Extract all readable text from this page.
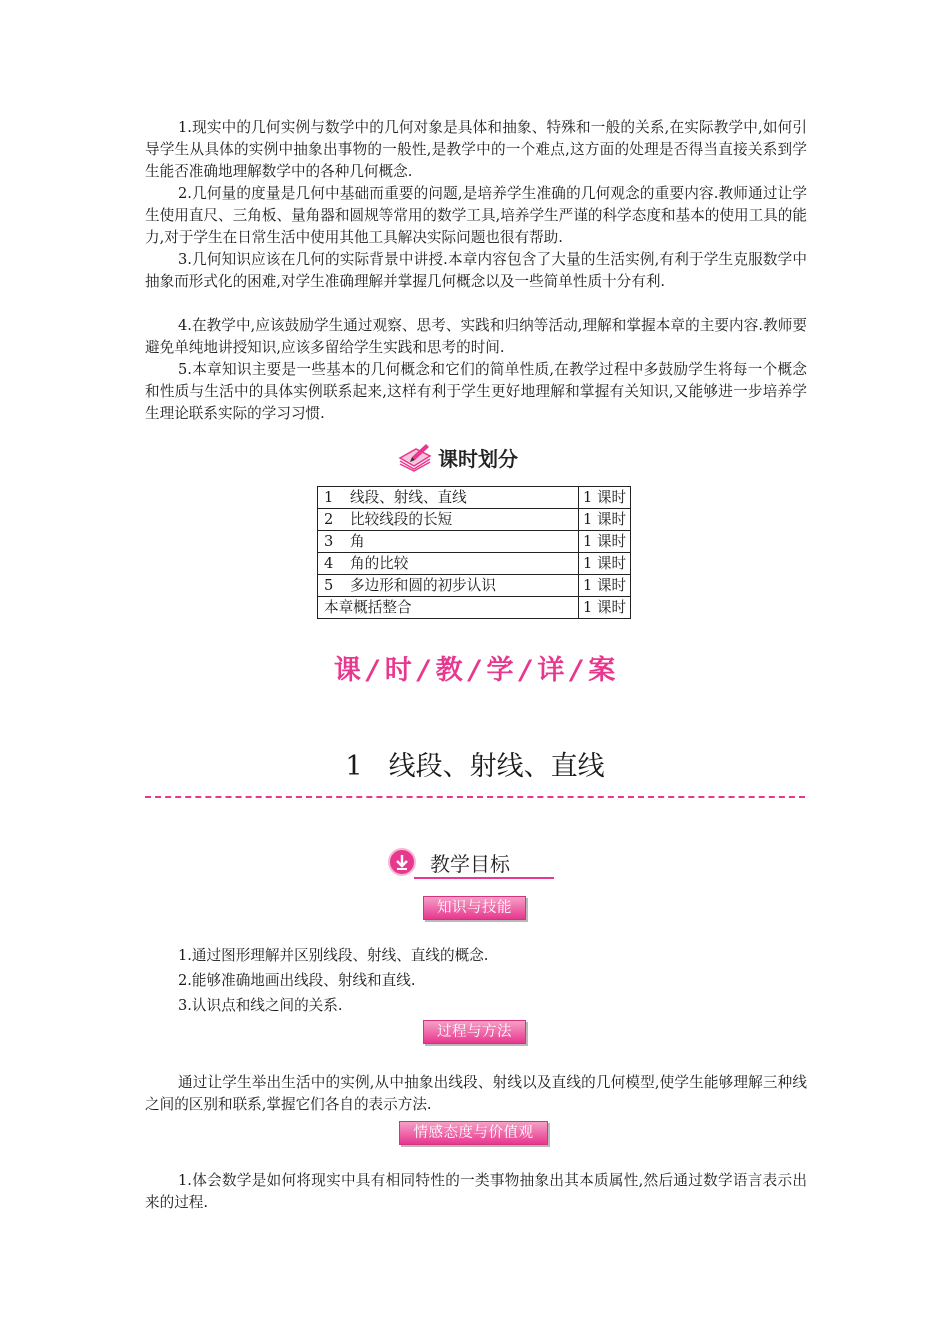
1.现实中的几何实例与数学中的几何对象是具体和抽象、特殊和一般的关系,在实际教学中,如何引导学生从具体的实例中抽象出事物的一般性,是教学中的一个难点,这方面的处理是否得当直接关系到学生能否准确地理解数学中的各种几何概念.

2.几何量的度量是几何中基础而重要的问题,是培养学生准确的几何观念的重要内容.教师通过让学生使用直尺、三角板、量角器和圆规等常用的数学工具,培养学生严谨的科学态度和基本的使用工具的能力,对于学生在日常生活中使用其他工具解决实际问题也很有帮助.

3.几何知识应该在几何的实际背景中讲授.本章内容包含了大量的生活实例,有利于学生克服数学中抽象而形式化的困难,对学生准确理解并掌握几何概念以及一些简单性质十分有利.

4.在教学中,应该鼓励学生通过观察、思考、实践和归纳等活动,理解和掌握本章的主要内容.教师要避免单纯地讲授知识,应该多留给学生实践和思考的时间.

5.本章知识主要是一些基本的几何概念和它们的简单性质,在教学过程中多鼓励学生将每一个概念和性质与生活中的具体实例联系起来,这样有利于学生更好地理解和掌握有关知识,又能够进一步培养学生理论联系实际的学习习惯.

课时划分
1 线段、射线、直线	1 课时
2 比较线段的长短	1 课时
3 角	1 课时
4 角的比较	1 课时
5 多边形和圆的初步认识	1 课时
本章概括整合	1 课时
课 / 时 / 教 / 学 / 详 / 案
1 线段、射线、直线
教学目标
知识与技能

1.通过图形理解并区别线段、射线、直线的概念.

2.能够准确地画出线段、射线和直线.

3.认识点和线之间的关系.

过程与方法

通过让学生举出生活中的实例,从中抽象出线段、射线以及直线的几何模型,使学生能够理解三种线之间的区别和联系,掌握它们各自的表示方法.

情感态度与价值观

1.体会数学是如何将现实中具有相同特性的一类事物抽象出其本质属性,然后通过数学语言表示出来的过程.
